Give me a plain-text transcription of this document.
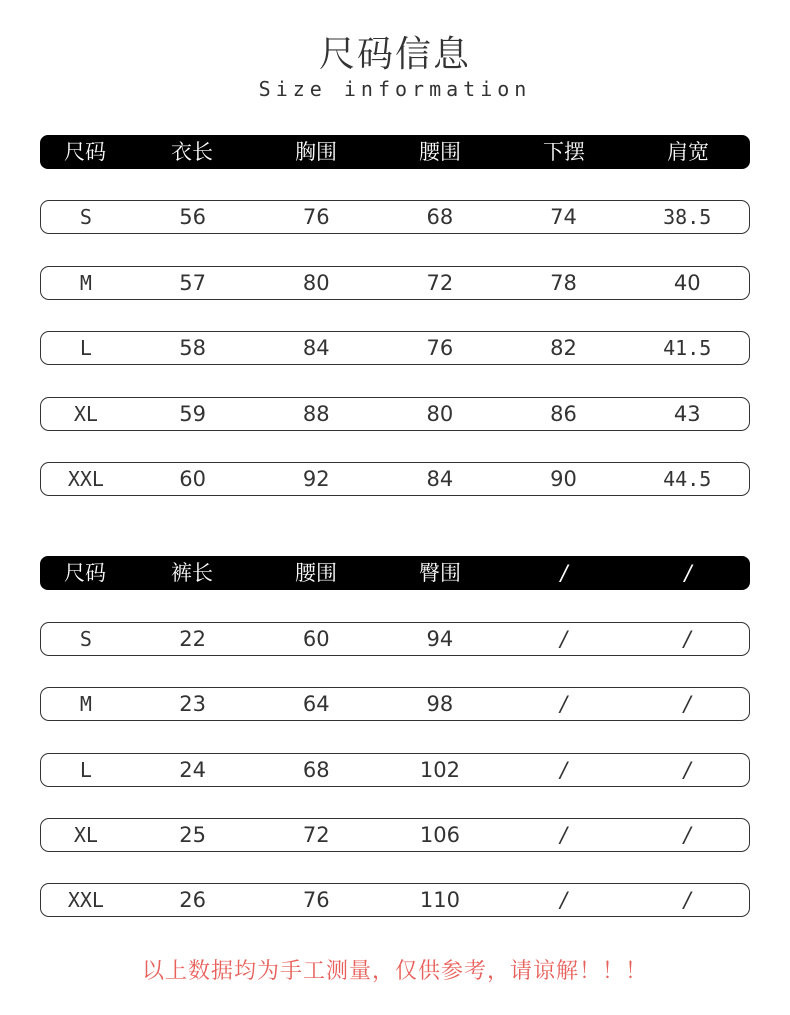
尺码信息
Size information
尺码	衣长	胸围	腰围	下摆	肩宽
S	56	76	68	74	38.5
M	57	80	72	78	40
L	58	84	76	82	41.5
XL	59	88	80	86	43
XXL	60	92	84	90	44.5
尺码	裤长	腰围	臀围	/	/
S	22	60	94	/	/
M	23	64	98	/	/
L	24	68	102	/	/
XL	25	72	106	/	/
XXL	26	76	110	/	/
以上数据均为手工测量，仅供参考，请谅解！！！
